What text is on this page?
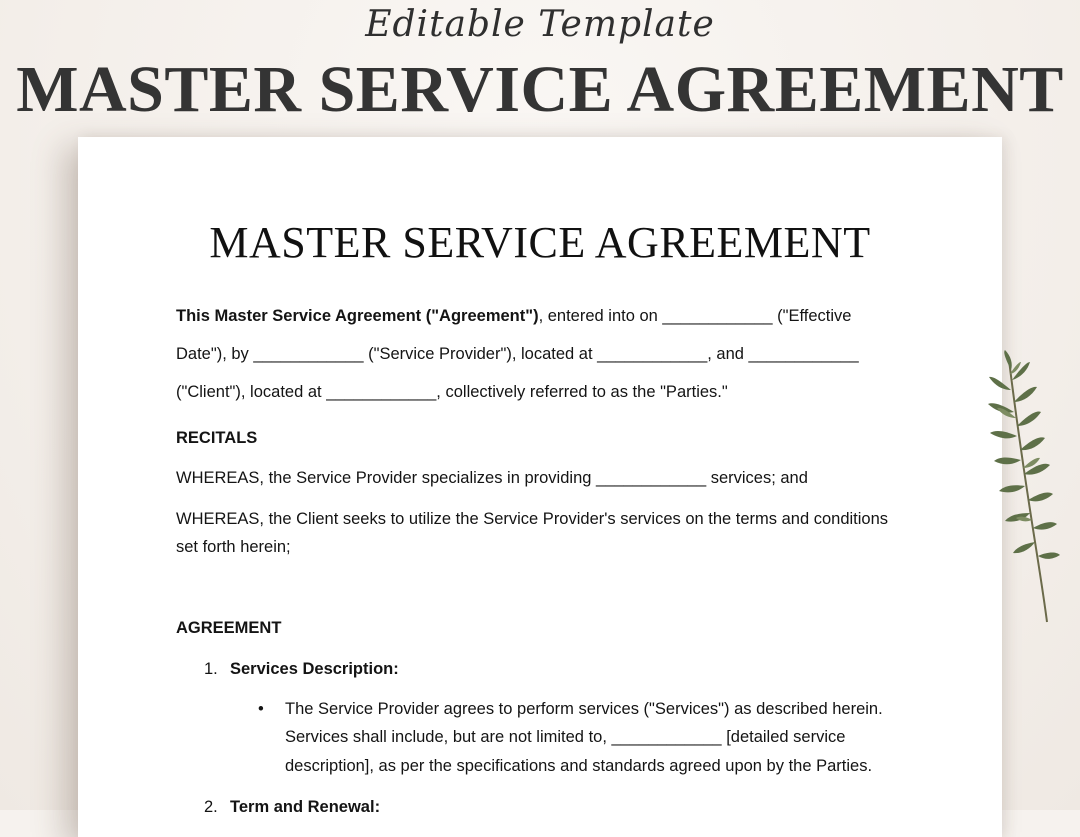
Editable Template
MASTER SERVICE AGREEMENT
MASTER SERVICE AGREEMENT

This Master Service Agreement ("Agreement"), entered into on ____________ ("Effective
Date"), by ____________ ("Service Provider"), located at ____________, and ____________
("Client"), located at ____________, collectively referred to as the "Parties."

RECITALS

WHEREAS, the Service Provider specializes in providing ____________ services; and

WHEREAS, the Client seeks to utilize the Service Provider's services on the terms and conditions set forth herein;

AGREEMENT

1. Services Description:

• The Service Provider agrees to perform services ("Services") as described herein. Services shall include, but are not limited to, ____________ [detailed service description], as per the specifications and standards agreed upon by the Parties.

2. Term and Renewal:
